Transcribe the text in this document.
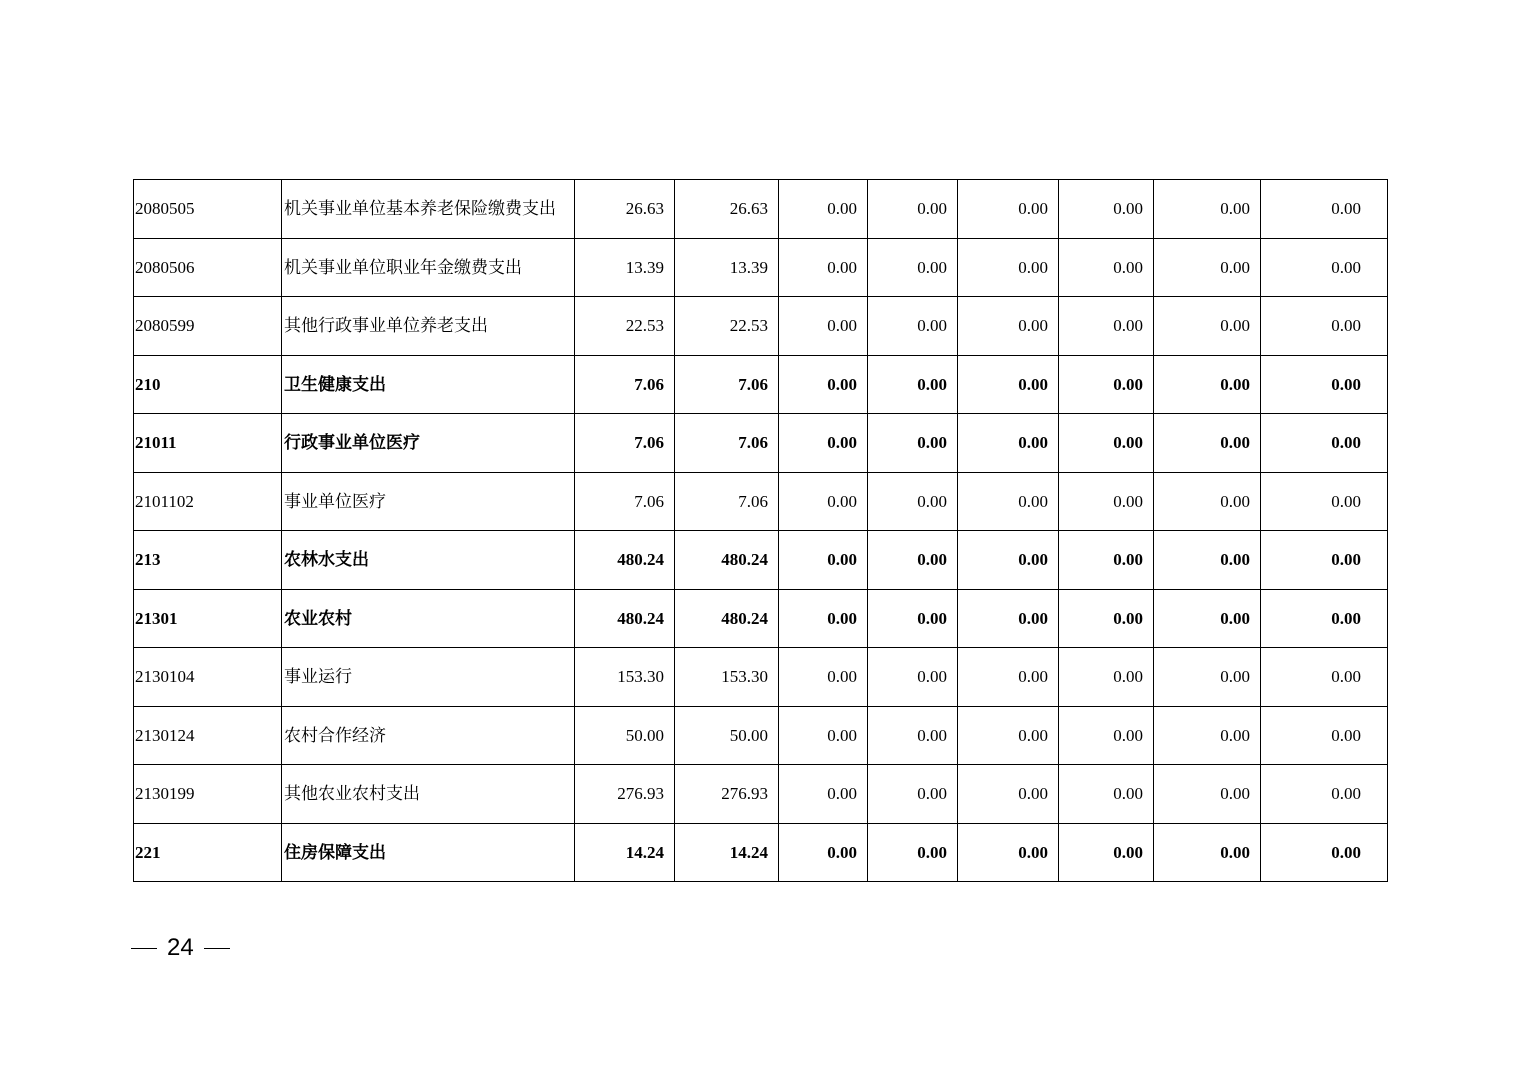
2080505	机关事业单位基本养老保险缴费支出	26.63	26.63	0.00	0.00	0.00	0.00	0.00	0.00
2080506	机关事业单位职业年金缴费支出	13.39	13.39	0.00	0.00	0.00	0.00	0.00	0.00
2080599	其他行政事业单位养老支出	22.53	22.53	0.00	0.00	0.00	0.00	0.00	0.00
210	卫生健康支出	7.06	7.06	0.00	0.00	0.00	0.00	0.00	0.00
21011	行政事业单位医疗	7.06	7.06	0.00	0.00	0.00	0.00	0.00	0.00
2101102	事业单位医疗	7.06	7.06	0.00	0.00	0.00	0.00	0.00	0.00
213	农林水支出	480.24	480.24	0.00	0.00	0.00	0.00	0.00	0.00
21301	农业农村	480.24	480.24	0.00	0.00	0.00	0.00	0.00	0.00
2130104	事业运行	153.30	153.30	0.00	0.00	0.00	0.00	0.00	0.00
2130124	农村合作经济	50.00	50.00	0.00	0.00	0.00	0.00	0.00	0.00
2130199	其他农业农村支出	276.93	276.93	0.00	0.00	0.00	0.00	0.00	0.00
221	住房保障支出	14.24	14.24	0.00	0.00	0.00	0.00	0.00	0.00
24
